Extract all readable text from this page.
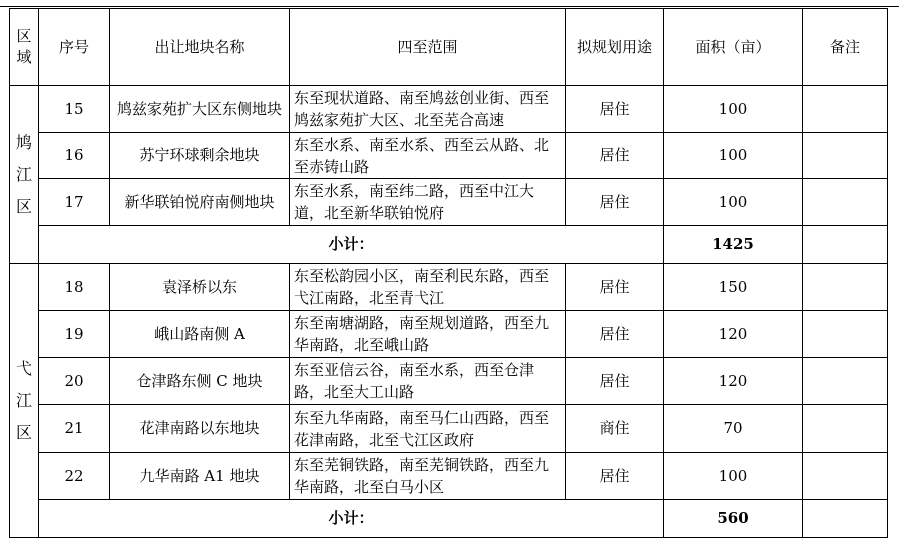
区域	序号	出让地块名称	四至范围	拟规划用途	面积（亩）	备注
鸠江区	15	鸠兹家苑扩大区东侧地块	东至现状道路、南至鸠兹创业街、西至鸠兹家苑扩大区、北至芜合高速	居住	100	
	16	苏宁环球剩余地块	东至水系、南至水系、西至云从路、北至赤铸山路	居住	100	
	17	新华联铂悦府南侧地块	东至水系，南至纬二路，西至中江大道，北至新华联铂悦府	居住	100	
	小计：				1425	
弋江区	18	袁泽桥以东	东至松韵园小区，南至利民东路，西至弋江南路，北至青弋江	居住	150	
	19	峨山路南侧 A	东至南塘湖路，南至规划道路，西至九华南路，北至峨山路	居住	120	
	20	仓津路东侧 C 地块	东至亚信云谷，南至水系，西至仓津路，北至大工山路	居住	120	
	21	花津南路以东地块	东至九华南路，南至马仁山西路，西至花津南路，北至弋江区政府	商住	70	
	22	九华南路 A1 地块	东至芜铜铁路，南至芜铜铁路，西至九华南路，北至白马小区	居住	100	
	小计：				560	
